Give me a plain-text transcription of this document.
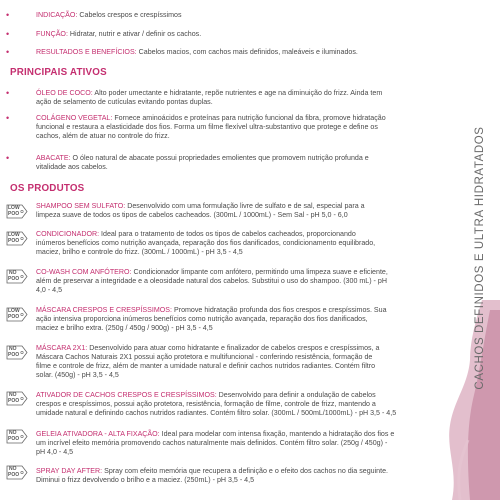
•	INDICAÇÃO: Cabelos crespos e crespíssimos
•	FUNÇÃO: Hidratar, nutrir e ativar / definir os cachos.
•	RESULTADOS E BENEFÍCIOS: Cabelos macios, com cachos mais definidos, maleáveis e iluminados.
PRINCIPAIS ATIVOS
•	ÓLEO DE COCO: Alto poder umectante e hidratante, repõe nutrientes e age na diminuição do frizz. Ainda tem
ação de selamento de cutículas evitando pontas duplas.
•	COLÁGENO VEGETAL: Fornece aminoácidos e proteínas para nutrição funcional da fibra, promove hidratação
funcional e restaura a elasticidade dos fios. Forma um filme flexível ultra-substantivo que protege e define os
cachos, além de atuar no controle do frizz.
•	ABACATE: O óleo natural de abacate possui propriedades emolientes que promovem nutrição profunda e
vitalidade aos cabelos.
OS PRODUTOS
LOW
POO
SHAMPOO SEM SULFATO: Desenvolvido com uma formulação livre de sulfato e de sal, especial para a
limpeza suave de todos os tipos de cabelos cacheados. (300mL / 1000mL) - Sem Sal - pH 5,0 - 6,0
LOW
POO
CONDICIONADOR: Ideal para o tratamento de todos os tipos de cabelos cacheados, proporcionando
inúmeros benefícios como nutrição avançada, reparação dos fios danificados, condicionamento equilibrado,
maciez, brilho e controle do frizz. (300mL / 1000mL) - pH 3,5 - 4,5
NO
POO
CO-WASH COM ANFÓTERO: Condicionador limpante com anfótero, permitindo uma limpeza suave e eficiente,
além de preservar a integridade e a oleosidade natural dos cabelos. Substitui o uso do shampoo. (300 mL) - pH
4,0 - 4,5
LOW
POO
MÁSCARA CRESPOS E CRESPÍSSIMOS: Promove hidratação profunda dos fios crespos e crespíssimos. Sua
ação intensiva proporciona inúmeros benefícios como nutrição avançada, reparação dos fios danificados,
maciez e brilho extra. (250g / 450g / 900g) - pH 3,5 - 4,5
NO
POO
MÁSCARA 2X1: Desenvolvido para atuar como hidratante e finalizador de cabelos crespos e crespíssimos, a
Máscara Cachos Naturais 2X1 possui ação protetora e multifuncional - conferindo resistência, formação de
filme e controle de frizz, além de manter a umidade natural e definir cachos nutridos radiantes. Contém filtro
solar. (450g) - pH 3,5 - 4,5
NO
POO
ATIVADOR DE CACHOS CRESPOS E CRESPÍSSIMOS: Desenvolvido para definir a ondulação de cabelos
crespos e crespíssimos, possui ação protetora, resistência, formação de filme, controle de frizz, mantendo a
umidade natural e definindo cachos nutridos radiantes. Contém filtro solar. (300mL / 500mL/1000mL) - pH 3,5 - 4,5
NO
POO
GELEIA ATIVADORA - ALTA FIXAÇÃO: Ideal para modelar com intensa fixação, mantendo a hidratação dos fios e
um incrível efeito memória promovendo cachos naturalmente mais definidos. Contém filtro solar. (250g / 450g) -
pH 4,0 - 4,5
NO
POO SPRAY DAY AFTER: Spray com efeito memória que recupera a definição e o efeito dos cachos no dia seguinte.
Diminui o frizz devolvendo o brilho e a maciez. (250mL) - pH 3,5 - 4,5
CACHOS DEFINIDOS E ULTRA HIDRATADOS
